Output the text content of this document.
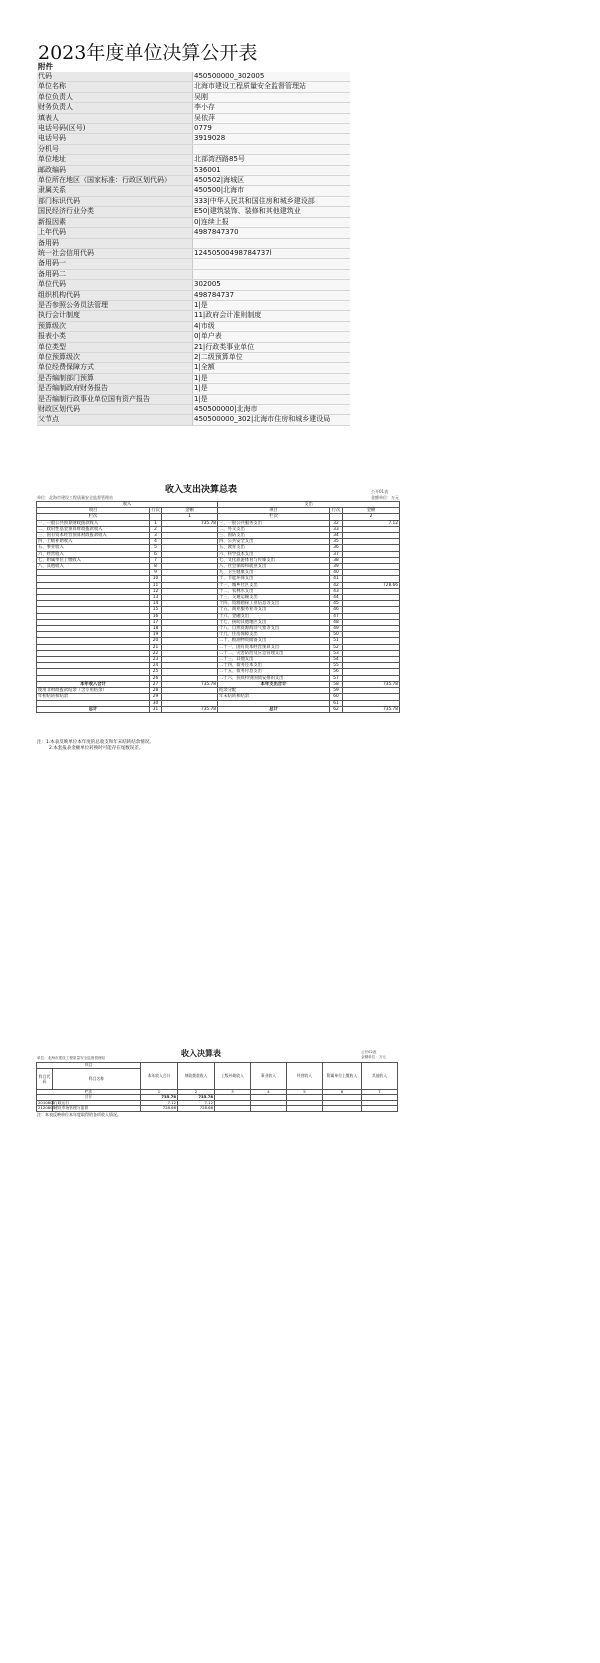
2023年度单位决算公开表
附件
代码	450500000_302005
单位名称	北海市建设工程质量安全监督管理站
单位负责人	吴刚
财务负责人	李小存
填表人	吴依萍
电话号码(区号)	0779
电话号码	3919028
分机号	
单位地址	北部湾西路85号
邮政编码	536001
单位所在地区（国家标准：行政区划代码）	450502|海城区
隶属关系	450500|北海市
部门标识代码	333|中华人民共和国住房和城乡建设部
国民经济行业分类	E50|建筑装饰、装修和其他建筑业
新报因素	0|连续上报
上年代码	4987847370
备用码	
统一社会信用代码	12450500498784737l
备用码一	
备用码二	
单位代码	302005
组织机构代码	498784737
是否参照公务员法管理	1|是
执行会计制度	11|政府会计准则制度
预算级次	4|市级
报表小类	0|单户表
单位类型	21|行政类事业单位
单位预算级次	2|二级预算单位
单位经费保障方式	1|全额
是否编制部门预算	1|是
是否编制政府财务报告	1|是
是否编制行政事业单位国有资产报告	1|是
财政区划代码	450500000|北海市
父节点	450500000_302|北海市住房和城乡建设局
收入支出决算总表	公开01表
金额单位：万元
单位：北海市建设工程质量安全监督管理站
收入			支出		
项目	行次	金额	项目	行次	金额
栏次		1	栏次		2
一、一般公共预算财政拨款收入	1	735.78	一、一般公共服务支出	32	7.12
二、政府性基金预算财政拨款收入	2		二、外交支出	33	
三、国有资本经营预算财政拨款收入	3		三、国防支出	34	
四、上级补助收入	4		四、公共安全支出	35	
五、事业收入	5		五、教育支出	36	
六、经营收入	6		六、科学技术支出	37	
七、附属单位上缴收入	7		七、文化旅游体育与传媒支出	38	
八、其他收入	8		八、社会保障和就业支出	39	
	9		九、卫生健康支出	40	
	10		十、节能环保支出	41	
	11		十一、城乡社区支出	42	728.66
	12		十二、农林水支出	43	
	13		十三、交通运输支出	44	
	14		十四、资源勘探工业信息等支出	45	
	15		十五、商业服务业等支出	46	
	16		十六、金融支出	47	
	17		十七、援助其他地区支出	48	
	18		十八、自然资源海洋气象等支出	49	
	19		十九、住房保障支出	50	
	20		二十、粮油物资储备支出	51	
	21		二十一、国有资本经营预算支出	52	
	22		二十二、灾害防治及应急管理支出	53	
	23		二十三、其他支出	54	
	24		二十四、债务还本支出	55	
	25		二十五、债务付息支出	56	
	26		二十六、抗疫特别国债安排的支出	57	
本年收入合计	27	735.78	本年支出合计	58	735.78
使用非财政拨款结余（含专用结余）	28		结余分配	59	
年初结转和结余	29		年末结转和结余	60	
	30			61	
总计	31	735.78	总计	62	735.78
注：1.本表反映单位本年度的总收支和年末结转结余情况。
2.本套报表金额单位转换时可能存在尾数误差。
收入决算表	公开02表
金额单位：万元
单位：北海市建设工程质量安全监督管理站
项目		本年收入合计	财政拨款收入	上级补助收入	事业收入	经营收入	附属单位上缴收入	其他收入
科目代码	科目名称							
栏次		1	2	3	4	5	6	7
合计		735.78	735.78					
2010801	行政运行	7.12	7.12					
2120803	建设市场管理与监督	728.66	728.66					
注：本表反映单位本年度取得的各项收入情况。
